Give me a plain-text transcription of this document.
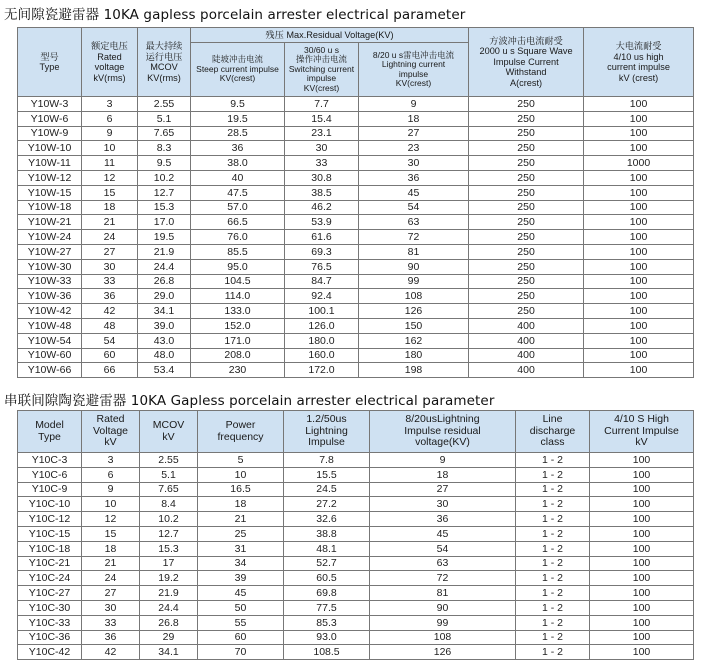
无间隙瓷避雷器 10KA gapless porcelain arrester electrical parameter
型号
Type	额定电压
Rated
voltage
kV(rms)	最大持续
运行电压
MCOV
KV(rms)	残压 Max.Residual Voltage(KV)			方波冲击电流耐受
2000 u s Square Wave
Impulse Current
Withstand
A(crest)	大电流耐受
4/10 us high
current impulse
kV (crest)
			陡坡冲击电流
Steep current impulse
KV(crest)	30/60 u s
操作冲击电流
Switching current
impulse
KV(crest)	8/20 u s雷电冲击电流
Lightning current
impulse
KV(crest)		
Y10W-3	3	2.55	9.5	7.7	9	250	100
Y10W-6	6	5.1	19.5	15.4	18	250	100
Y10W-9	9	7.65	28.5	23.1	27	250	100
Y10W-10	10	8.3	36	30	23	250	100
Y10W-11	11	9.5	38.0	33	30	250	1000
Y10W-12	12	10.2	40	30.8	36	250	100
Y10W-15	15	12.7	47.5	38.5	45	250	100
Y10W-18	18	15.3	57.0	46.2	54	250	100
Y10W-21	21	17.0	66.5	53.9	63	250	100
Y10W-24	24	19.5	76.0	61.6	72	250	100
Y10W-27	27	21.9	85.5	69.3	81	250	100
Y10W-30	30	24.4	95.0	76.5	90	250	100
Y10W-33	33	26.8	104.5	84.7	99	250	100
Y10W-36	36	29.0	114.0	92.4	108	250	100
Y10W-42	42	34.1	133.0	100.1	126	250	100
Y10W-48	48	39.0	152.0	126.0	150	400	100
Y10W-54	54	43.0	171.0	180.0	162	400	100
Y10W-60	60	48.0	208.0	160.0	180	400	100
Y10W-66	66	53.4	230	172.0	198	400	100
串联间隙陶瓷避雷器 10KA Gapless porcelain arrester electrical parameter
Model
Type	Rated
Voltage
kV	MCOV
kV	Power
frequency	1.2/50us
Lightning
Impulse	8/20usLightning
Impulse residual
voltage(KV)	Line
discharge
class	4/10 S High
Current Impulse
kV
Y10C-3	3	2.55	5	7.8	9	1 - 2	100
Y10C-6	6	5.1	10	15.5	18	1 - 2	100
Y10C-9	9	7.65	16.5	24.5	27	1 - 2	100
Y10C-10	10	8.4	18	27.2	30	1 - 2	100
Y10C-12	12	10.2	21	32.6	36	1 - 2	100
Y10C-15	15	12.7	25	38.8	45	1 - 2	100
Y10C-18	18	15.3	31	48.1	54	1 - 2	100
Y10C-21	21	17	34	52.7	63	1 - 2	100
Y10C-24	24	19.2	39	60.5	72	1 - 2	100
Y10C-27	27	21.9	45	69.8	81	1 - 2	100
Y10C-30	30	24.4	50	77.5	90	1 - 2	100
Y10C-33	33	26.8	55	85.3	99	1 - 2	100
Y10C-36	36	29	60	93.0	108	1 - 2	100
Y10C-42	42	34.1	70	108.5	126	1 - 2	100
